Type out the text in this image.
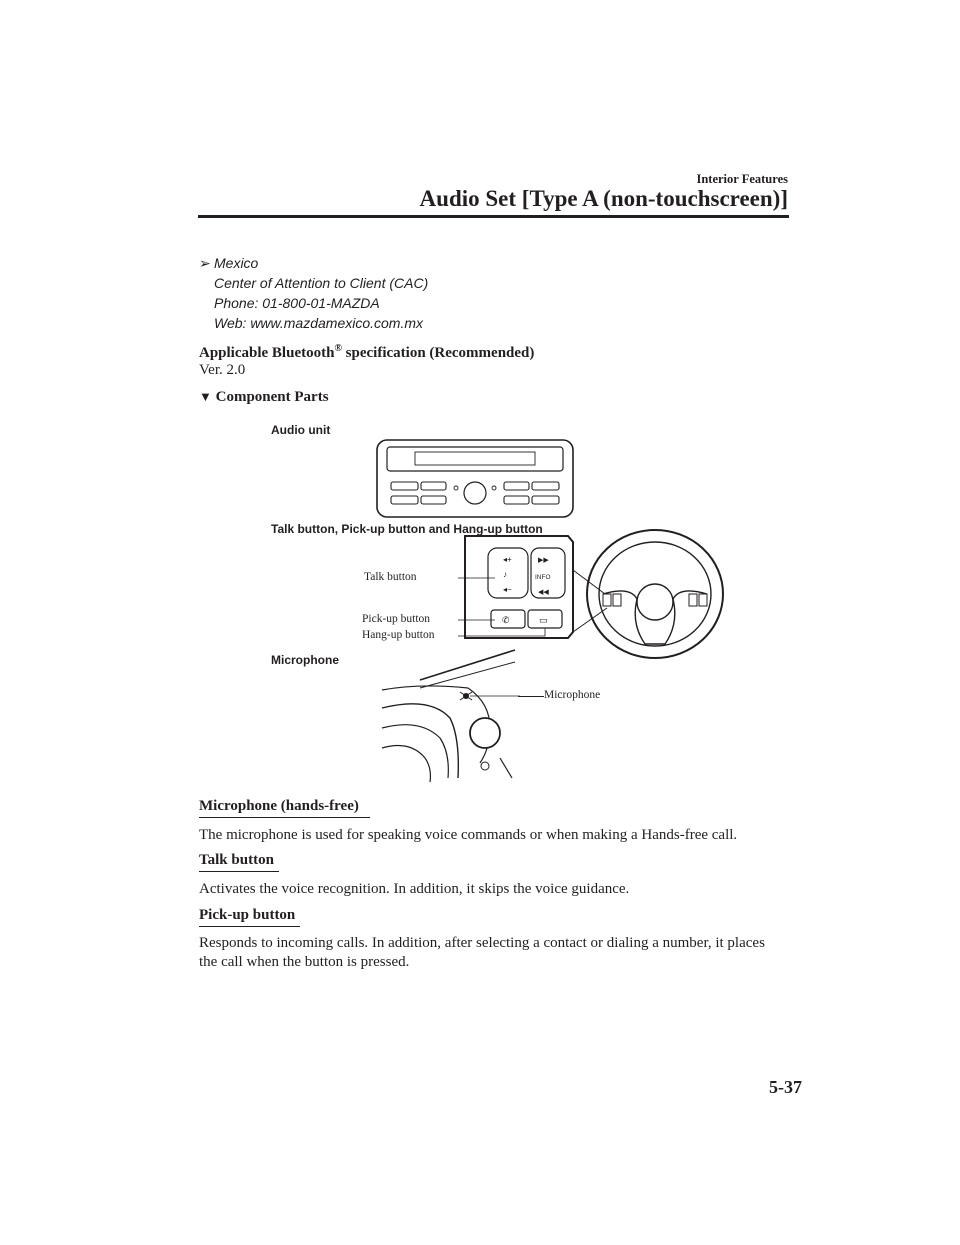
Interior Features
Audio Set [Type A (non-touchscreen)]
➢ Mexico
Center of Attention to Client (CAC)
Phone: 01-800-01-MAZDA
Web: www.mazdamexico.com.mx
Applicable Bluetooth® specification (Recommended)
Ver. 2.0
▼ Component Parts
Audio unit
Talk button, Pick-up button and Hang-up button
Microphone
◂+
♪
◂−
▶▶
INFO
◀◀
✆	▭
Talk button
Pick-up button
Hang-up button
Microphone
Microphone (hands-free)
The microphone is used for speaking voice commands or when making a Hands-free call.
Talk button
Activates the voice recognition. In addition, it skips the voice guidance.
Pick-up button
Responds to incoming calls. In addition, after selecting a contact or dialing a number, it places the call when the button is pressed.
5-37
